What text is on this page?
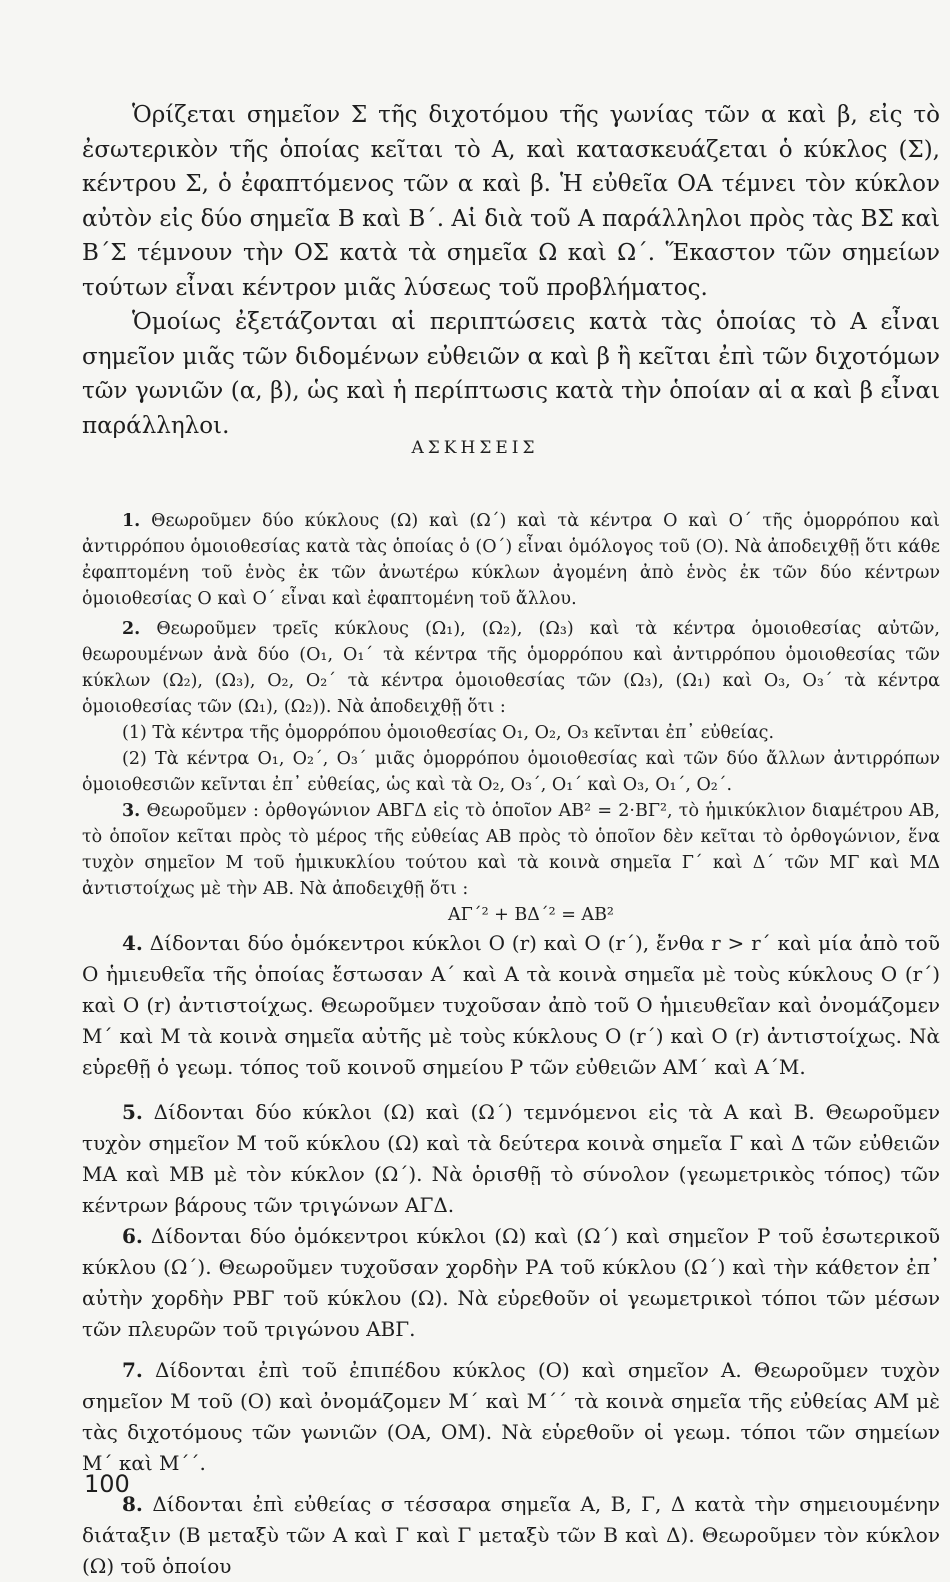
Ὁρίζεται σημεῖον Σ τῆς διχοτόμου τῆς γωνίας τῶν α καὶ β, εἰς τὸ ἐσωτερικὸν τῆς ὁποίας κεῖται τὸ Α, καὶ κατασκευάζεται ὁ κύκλος (Σ), κέντρου Σ, ὁ ἐφαπτόμενος τῶν α καὶ β. Ἡ εὐθεῖα ΟΑ τέμνει τὸν κύκλον αὐτὸν εἰς δύο σημεῖα Β καὶ Β΄. Αἱ διὰ τοῦ Α παράλληλοι πρὸς τὰς ΒΣ καὶ Β΄Σ τέμνουν τὴν ΟΣ κατὰ τὰ σημεῖα Ω καὶ Ω΄. Ἕκαστον τῶν σημείων τούτων εἶναι κέντρον μιᾶς λύσεως τοῦ προβλήματος.

Ὁμοίως ἐξετάζονται αἱ περιπτώσεις κατὰ τὰς ὁποίας τὸ Α εἶναι σημεῖον μιᾶς τῶν διδομένων εὐθειῶν α καὶ β ἢ κεῖται ἐπὶ τῶν διχοτόμων τῶν γωνιῶν (α, β), ὡς καὶ ἡ περίπτωσις κατὰ τὴν ὁποίαν αἱ α καὶ β εἶναι παράλληλοι.

ΑΣΚΗΣΕΙΣ

1. Θεωροῦμεν δύο κύκλους (Ω) καὶ (Ω΄) καὶ τὰ κέντρα Ο καὶ Ο΄ τῆς ὁμορρόπου καὶ ἀντιρρόπου ὁμοιοθεσίας κατὰ τὰς ὁποίας ὁ (Ο΄) εἶναι ὁμόλογος τοῦ (Ο). Νὰ ἀποδειχθῇ ὅτι κάθε ἐφαπτομένη τοῦ ἑνὸς ἐκ τῶν ἀνωτέρω κύκλων ἀγομένη ἀπὸ ἑνὸς ἐκ τῶν δύο κέντρων ὁμοιοθεσίας Ο καὶ Ο΄ εἶναι καὶ ἐφαπτομένη τοῦ ἄλλου.

2. Θεωροῦμεν τρεῖς κύκλους (Ω₁), (Ω₂), (Ω₃) καὶ τὰ κέντρα ὁμοιοθεσίας αὐτῶν, θεωρουμένων ἀνὰ δύο (Ο₁, Ο₁΄ τὰ κέντρα τῆς ὁμορρόπου καὶ ἀντιρρόπου ὁμοιοθεσίας τῶν κύκλων (Ω₂), (Ω₃), Ο₂, Ο₂΄ τὰ κέντρα ὁμοιοθεσίας τῶν (Ω₃), (Ω₁) καὶ Ο₃, Ο₃΄ τὰ κέντρα ὁμοιοθεσίας τῶν (Ω₁), (Ω₂)). Νὰ ἀποδειχθῇ ὅτι :

(1) Τὰ κέντρα τῆς ὁμορρόπου ὁμοιοθεσίας Ο₁, Ο₂, Ο₃ κεῖνται ἐπ᾽ εὐθείας.

(2) Τὰ κέντρα Ο₁, Ο₂΄, Ο₃΄ μιᾶς ὁμορρόπου ὁμοιοθεσίας καὶ τῶν δύο ἄλλων ἀντιρρόπων ὁμοιοθεσιῶν κεῖνται ἐπ᾽ εὐθείας, ὡς καὶ τὰ Ο₂, Ο₃΄, Ο₁΄ καὶ Ο₃, Ο₁΄, Ο₂΄.

3. Θεωροῦμεν : ὀρθογώνιον ΑΒΓΔ εἰς τὸ ὁποῖον ΑΒ² = 2·ΒΓ², τὸ ἡμικύκλιον διαμέτρου ΑΒ, τὸ ὁποῖον κεῖται πρὸς τὸ μέρος τῆς εὐθείας ΑΒ πρὸς τὸ ὁποῖον δὲν κεῖται τὸ ὀρθογώνιον, ἕνα τυχὸν σημεῖον Μ τοῦ ἡμικυκλίου τούτου καὶ τὰ κοινὰ σημεῖα Γ΄ καὶ Δ΄ τῶν ΜΓ καὶ ΜΔ ἀντιστοίχως μὲ τὴν ΑΒ. Νὰ ἀποδειχθῇ ὅτι :

ΑΓ΄² + ΒΔ΄² = ΑΒ²

4. Δίδονται δύο ὁμόκεντροι κύκλοι Ο (r) καὶ Ο (r΄), ἔνθα r > r΄ καὶ μία ἀπὸ τοῦ Ο ἡμιευθεῖα τῆς ὁποίας ἔστωσαν Α΄ καὶ Α τὰ κοινὰ σημεῖα μὲ τοὺς κύκλους Ο (r΄) καὶ Ο (r) ἀντιστοίχως. Θεωροῦμεν τυχοῦσαν ἀπὸ τοῦ Ο ἡμιευθεῖαν καὶ ὀνομάζομεν Μ΄ καὶ Μ τὰ κοινὰ σημεῖα αὐτῆς μὲ τοὺς κύκλους Ο (r΄) καὶ Ο (r) ἀντιστοίχως. Νὰ εὑρεθῇ ὁ γεωμ. τόπος τοῦ κοινοῦ σημείου Ρ τῶν εὐθειῶν ΑΜ΄ καὶ Α΄Μ.

5. Δίδονται δύο κύκλοι (Ω) καὶ (Ω΄) τεμνόμενοι εἰς τὰ Α καὶ Β. Θεωροῦμεν τυχὸν σημεῖον Μ τοῦ κύκλου (Ω) καὶ τὰ δεύτερα κοινὰ σημεῖα Γ καὶ Δ τῶν εὐθειῶν ΜΑ καὶ ΜΒ μὲ τὸν κύκλον (Ω΄). Νὰ ὁρισθῇ τὸ σύνολον (γεωμετρικὸς τόπος) τῶν κέντρων βάρους τῶν τριγώνων ΑΓΔ.

6. Δίδονται δύο ὁμόκεντροι κύκλοι (Ω) καὶ (Ω΄) καὶ σημεῖον Ρ τοῦ ἐσωτερικοῦ κύκλου (Ω΄). Θεωροῦμεν τυχοῦσαν χορδὴν ΡΑ τοῦ κύκλου (Ω΄) καὶ τὴν κάθετον ἐπ᾽ αὐτὴν χορδὴν ΡΒΓ τοῦ κύκλου (Ω). Νὰ εὑρεθοῦν οἱ γεωμετρικοὶ τόποι τῶν μέσων τῶν πλευρῶν τοῦ τριγώνου ΑΒΓ.

7. Δίδονται ἐπὶ τοῦ ἐπιπέδου κύκλος (Ο) καὶ σημεῖον Α. Θεωροῦμεν τυχὸν σημεῖον Μ τοῦ (Ο) καὶ ὀνομάζομεν Μ΄ καὶ Μ΄΄ τὰ κοινὰ σημεῖα τῆς εὐθείας ΑΜ μὲ τὰς διχοτόμους τῶν γωνιῶν (ΟΑ, ΟΜ). Νὰ εὑρεθοῦν οἱ γεωμ. τόποι τῶν σημείων Μ΄ καὶ Μ΄΄.

8. Δίδονται ἐπὶ εὐθείας σ τέσσαρα σημεῖα Α, Β, Γ, Δ κατὰ τὴν σημειουμένην διάταξιν (Β μεταξὺ τῶν Α καὶ Γ καὶ Γ μεταξὺ τῶν Β καὶ Δ). Θεωροῦμεν τὸν κύκλον (Ω) τοῦ ὁποίου

100
